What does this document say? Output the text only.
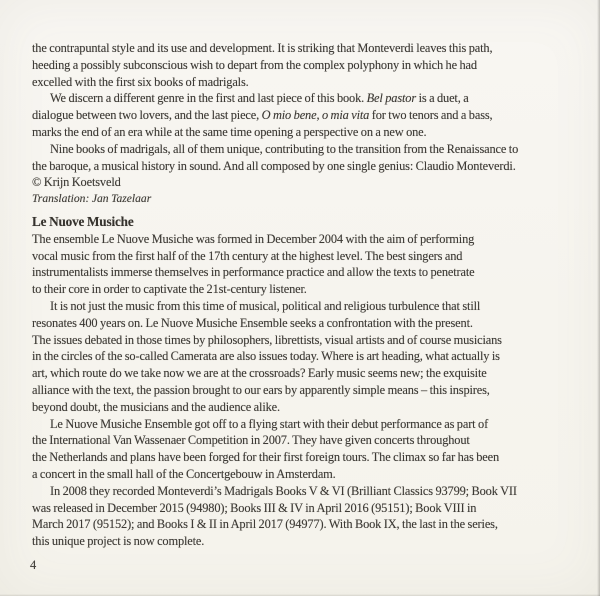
the contrapuntal style and its use and development. It is striking that Monteverdi leaves this path,
heeding a possibly subconscious wish to depart from the complex polyphony in which he had
excelled with the first six books of madrigals.
We discern a different genre in the first and last piece of this book. Bel pastor is a duet, a
dialogue between two lovers, and the last piece, O mio bene, o mia vita for two tenors and a bass,
marks the end of an era while at the same time opening a perspective on a new one.
Nine books of madrigals, all of them unique, contributing to the transition from the Renaissance to
the baroque, a musical history in sound. And all composed by one single genius: Claudio Monteverdi.
© Krijn Koetsveld
Translation: Jan Tazelaar
Le Nuove Musiche
The ensemble Le Nuove Musiche was formed in December 2004 with the aim of performing
vocal music from the first half of the 17th century at the highest level. The best singers and
instrumentalists immerse themselves in performance practice and allow the texts to penetrate
to their core in order to captivate the 21st-century listener.
It is not just the music from this time of musical, political and religious turbulence that still
resonates 400 years on. Le Nuove Musiche Ensemble seeks a confrontation with the present.
The issues debated in those times by philosophers, librettists, visual artists and of course musicians
in the circles of the so-called Camerata are also issues today. Where is art heading, what actually is
art, which route do we take now we are at the crossroads? Early music seems new; the exquisite
alliance with the text, the passion brought to our ears by apparently simple means – this inspires,
beyond doubt, the musicians and the audience alike.
Le Nuove Musiche Ensemble got off to a flying start with their debut performance as part of
the International Van Wassenaer Competition in 2007. They have given concerts throughout
the Netherlands and plans have been forged for their first foreign tours. The climax so far has been
a concert in the small hall of the Concertgebouw in Amsterdam.
In 2008 they recorded Monteverdi’s Madrigals Books V & VI (Brilliant Classics 93799; Book VII
was released in December 2015 (94980); Books III & IV in April 2016 (95151); Book VIII in
March 2017 (95152); and Books I & II in April 2017 (94977). With Book IX, the last in the series,
this unique project is now complete.
4
